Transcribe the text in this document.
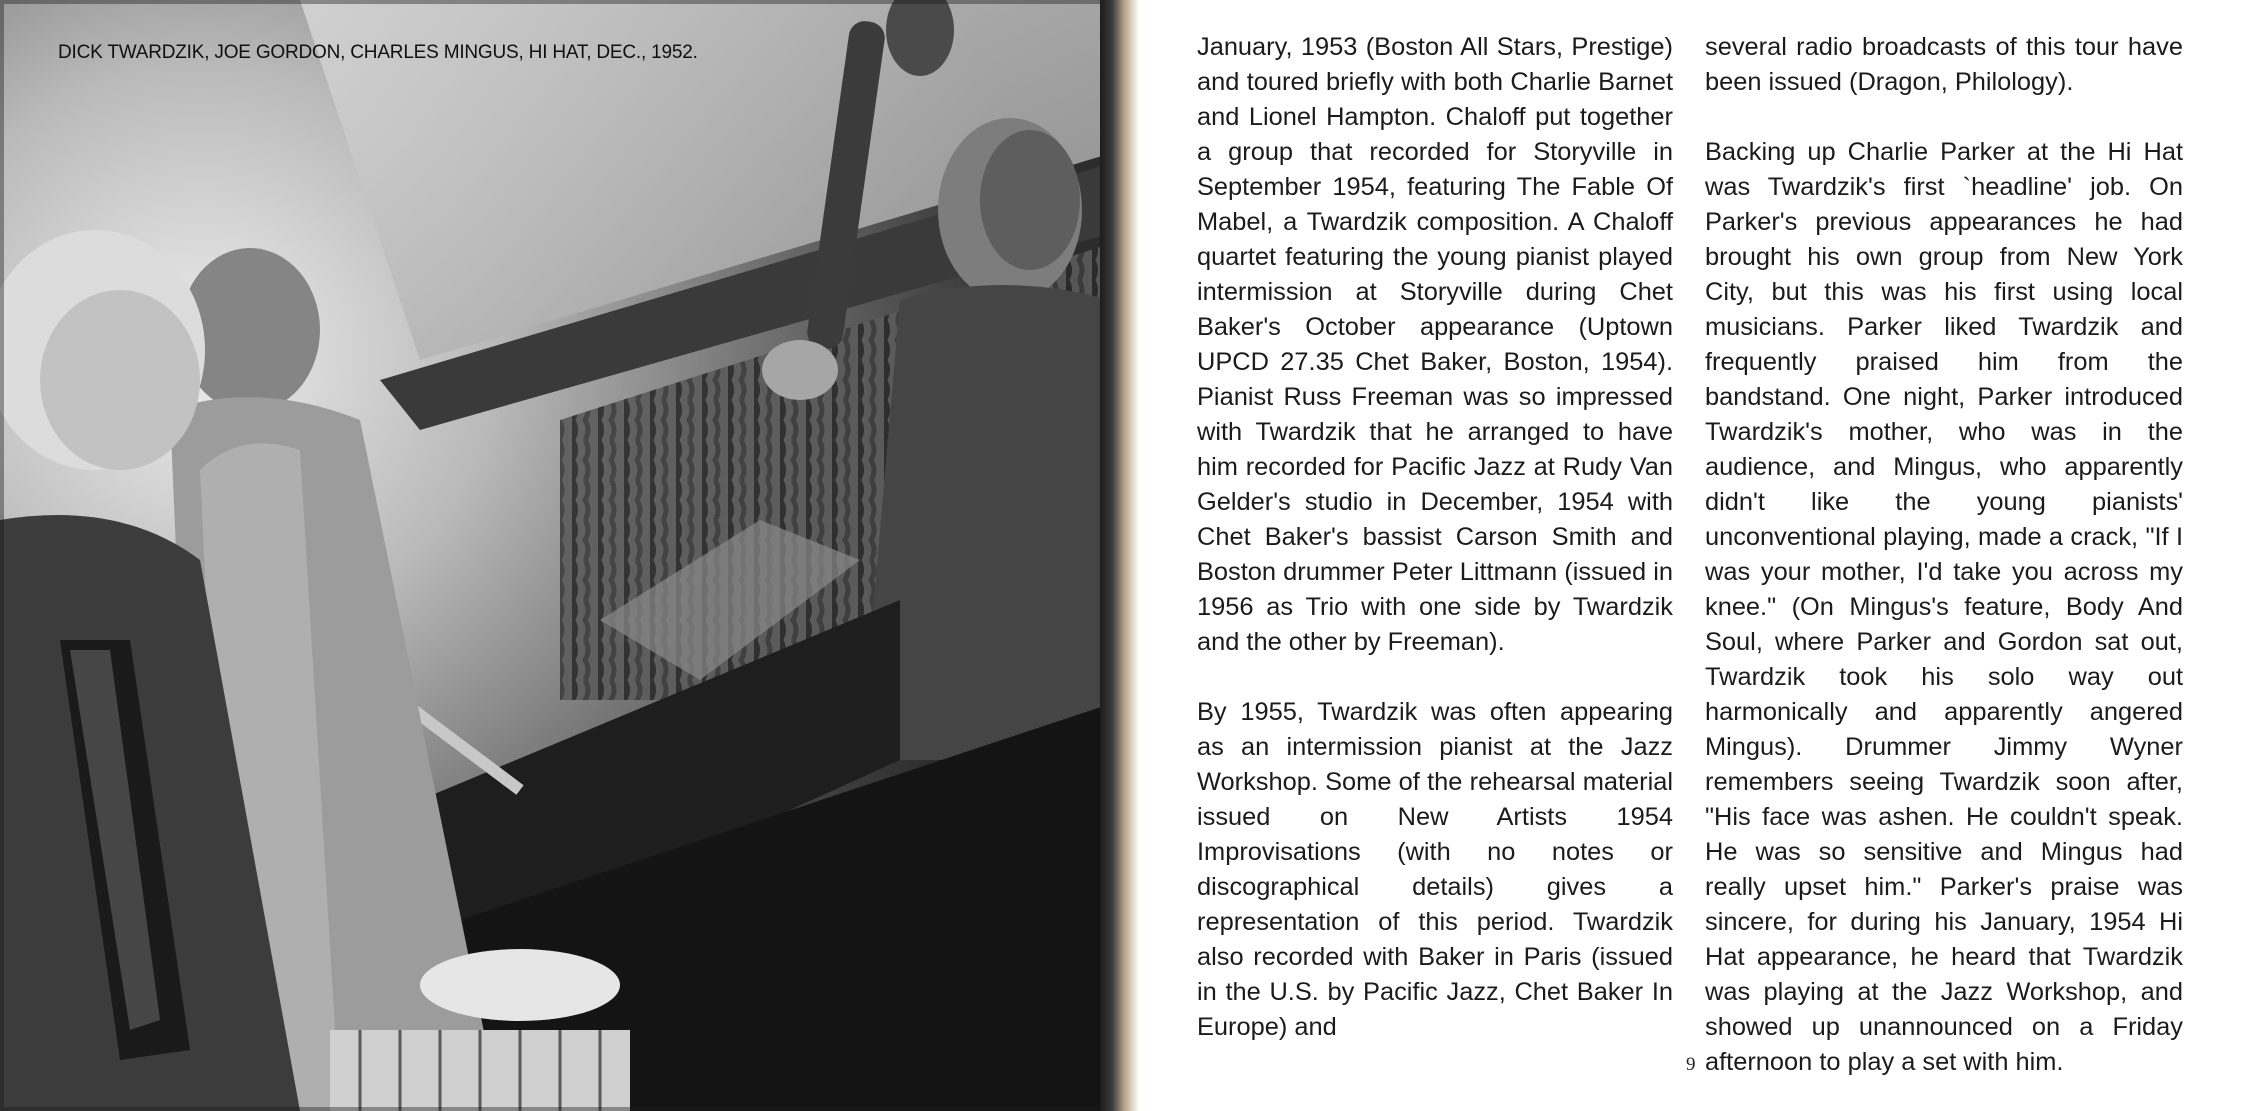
DICK TWARDZIK, JOE GORDON, CHARLES MINGUS, HI HAT, DEC., 1952.	January, 1953 (Boston All Stars, Prestige) and toured briefly with both Charlie Barnet and Lionel Hampton. Chaloff put together a group that recorded for Storyville in September 1954, featuring The Fable Of Mabel, a Twardzik composition. A Chaloff quartet featuring the young pianist played intermission at Storyville during Chet Baker's October appearance (Uptown UPCD 27.35 Chet Baker, Boston, 1954). Pianist Russ Freeman was so impressed with Twardzik that he arranged to have him recorded for Pacific Jazz at Rudy Van Gelder's studio in December, 1954 with Chet Baker's bassist Carson Smith and Boston drummer Peter Littmann (issued in 1956 as Trio with one side by Twardzik and the other by Freeman).

By 1955, Twardzik was often appearing as an intermission pianist at the Jazz Workshop. Some of the rehearsal material issued on New Artists 1954 Improvisations (with no notes or discographical details) gives a representation of this period. Twardzik also recorded with Baker in Paris (issued in the U.S. by Pacific Jazz, Chet Baker In Europe) and

several radio broadcasts of this tour have been issued (Dragon, Philology).

Backing up Charlie Parker at the Hi Hat was Twardzik's first `headline' job. On Parker's previous appearances he had brought his own group from New York City, but this was his first using local musicians. Parker liked Twardzik and frequently praised him from the bandstand. One night, Parker introduced Twardzik's mother, who was in the audience, and Mingus, who apparently didn't like the young pianists' unconventional playing, made a crack, "If I was your mother, I'd take you across my knee." (On Mingus's feature, Body And Soul, where Parker and Gordon sat out, Twardzik took his solo way out harmonically and apparently angered Mingus). Drummer Jimmy Wyner remembers seeing Twardzik soon after, "His face was ashen. He couldn't speak. He was so sensitive and Mingus had really upset him." Parker's praise was sincere, for during his January, 1954 Hi Hat appearance, he heard that Twardzik was playing at the Jazz Workshop, and showed up unannounced on a Friday afternoon to play a set with him.

9
